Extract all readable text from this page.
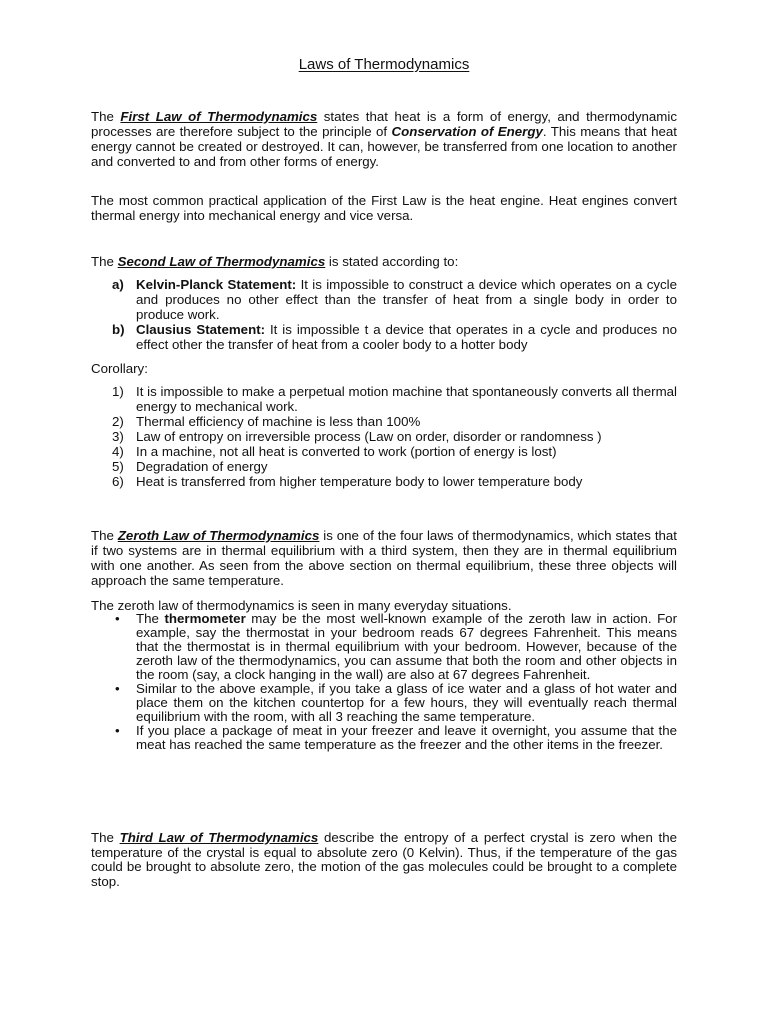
Laws of Thermodynamics
The First Law of Thermodynamics states that heat is a form of energy, and thermodynamic processes are therefore subject to the principle of Conservation of Energy. This means that heat energy cannot be created or destroyed. It can, however, be transferred from one location to another and converted to and from other forms of energy.
The most common practical application of the First Law is the heat engine. Heat engines convert thermal energy into mechanical energy and vice versa.
The Second Law of Thermodynamics is stated according to:
a) Kelvin-Planck Statement: It is impossible to construct a device which operates on a cycle and produces no other effect than the transfer of heat from a single body in order to produce work.
b) Clausius Statement: It is impossible t a device that operates in a cycle and produces no effect other the transfer of heat from a cooler body to a hotter body
Corollary:
1) It is impossible to make a perpetual motion machine that spontaneously converts all thermal energy to mechanical work.
2) Thermal efficiency of machine is less than 100%
3) Law of entropy on irreversible process (Law on order, disorder or randomness )
4) In a machine, not all heat is converted to work (portion of energy is lost)
5) Degradation of energy
6) Heat is transferred from higher temperature body to lower temperature body
The Zeroth Law of Thermodynamics is one of the four laws of thermodynamics, which states that if two systems are in thermal equilibrium with a third system, then they are in thermal equilibrium with one another. As seen from the above section on thermal equilibrium, these three objects will approach the same temperature.
The zeroth law of thermodynamics is seen in many everyday situations.
• The thermometer may be the most well-known example of the zeroth law in action. For example, say the thermostat in your bedroom reads 67 degrees Fahrenheit. This means that the thermostat is in thermal equilibrium with your bedroom. However, because of the zeroth law of the thermodynamics, you can assume that both the room and other objects in the room (say, a clock hanging in the wall) are also at 67 degrees Fahrenheit.
• Similar to the above example, if you take a glass of ice water and a glass of hot water and place them on the kitchen countertop for a few hours, they will eventually reach thermal equilibrium with the room, with all 3 reaching the same temperature.
• If you place a package of meat in your freezer and leave it overnight, you assume that the meat has reached the same temperature as the freezer and the other items in the freezer.
The Third Law of Thermodynamics describe the entropy of a perfect crystal is zero when the temperature of the crystal is equal to absolute zero (0 Kelvin). Thus, if the temperature of the gas could be brought to absolute zero, the motion of the gas molecules could be brought to a complete stop.
